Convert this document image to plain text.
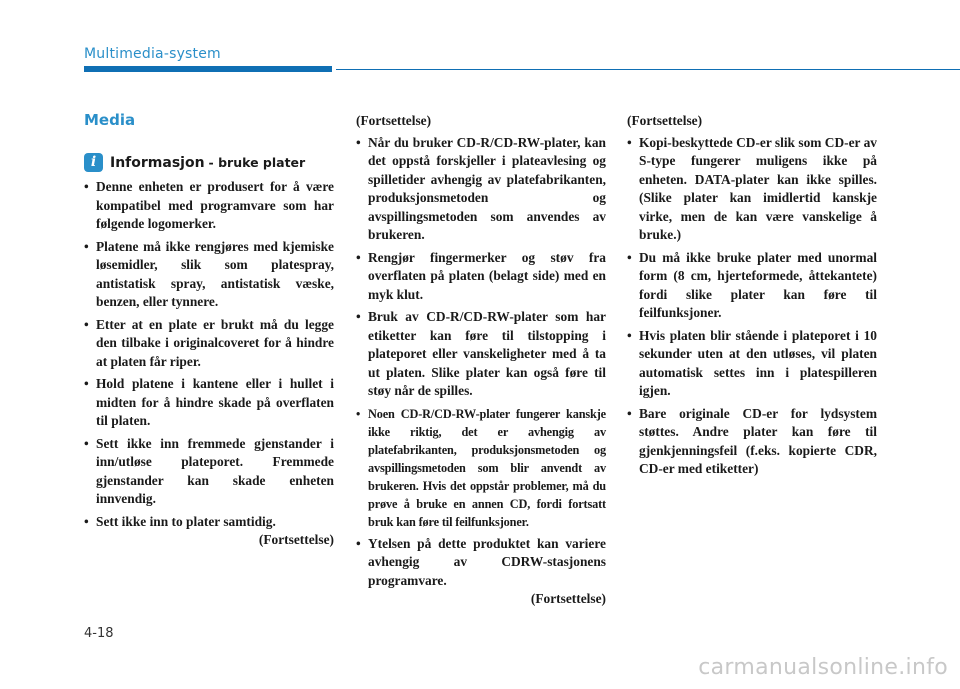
Multimedia-system
Media
i Informasjon - bruke plater
• Denne enheten er produsert for å være kompatibel med programvare som har følgende logomerker.
• Platene må ikke rengjøres med kjemiske løsemidler, slik som platespray, antistatisk spray, antistatisk væske, benzen, eller tynnere.
• Etter at en plate er brukt må du legge den tilbake i originalcoveret for å hindre at platen får riper.
• Hold platene i kantene eller i hullet i midten for å hindre skade på overflaten til platen.
• Sett ikke inn fremmede gjenstander i inn/utløse plateporet. Fremmede gjenstander kan skade enheten innvendig.
• Sett ikke inn to plater samtidig.
(Fortsettelse)
(Fortsettelse)
• Når du bruker CD-R/CD-RW-plater, kan det oppstå forskjeller i plateavlesing og spilletider avhengig av platefabrikanten, produksjonsmetoden og avspillingsmetoden som anvendes av brukeren.
• Rengjør fingermerker og støv fra overflaten på platen (belagt side) med en myk klut.
• Bruk av CD-R/CD-RW-plater som har etiketter kan føre til tilstopping i plateporet eller vanskeligheter med å ta ut platen. Slike plater kan også føre til støy når de spilles.
• Noen CD-R/CD-RW-plater fungerer kanskje ikke riktig, det er avhengig av platefabrikanten, produksjonsmetoden og avspillingsmetoden som blir anvendt av brukeren. Hvis det oppstår problemer, må du prøve å bruke en annen CD, fordi fortsatt bruk kan føre til feilfunksjoner.
• Ytelsen på dette produktet kan variere avhengig av CDRW-stasjonens programvare.
(Fortsettelse)
(Fortsettelse)
• Kopi-beskyttede CD-er slik som CD-er av S-type fungerer muligens ikke på enheten. DATA-plater kan ikke spilles. (Slike plater kan imidlertid kanskje virke, men de kan være vanskelige å bruke.)
• Du må ikke bruke plater med unormal form (8 cm, hjerteformede, åttekantete) fordi slike plater kan føre til feilfunksjoner.
• Hvis platen blir stående i plateporet i 10 sekunder uten at den utløses, vil platen automatisk settes inn i platespilleren igjen.
• Bare originale CD-er for lydsystem støttes. Andre plater kan føre til gjenkjenningsfeil (f.eks. kopierte CDR, CD-er med etiketter)
4-18
carmanualsonline.info
